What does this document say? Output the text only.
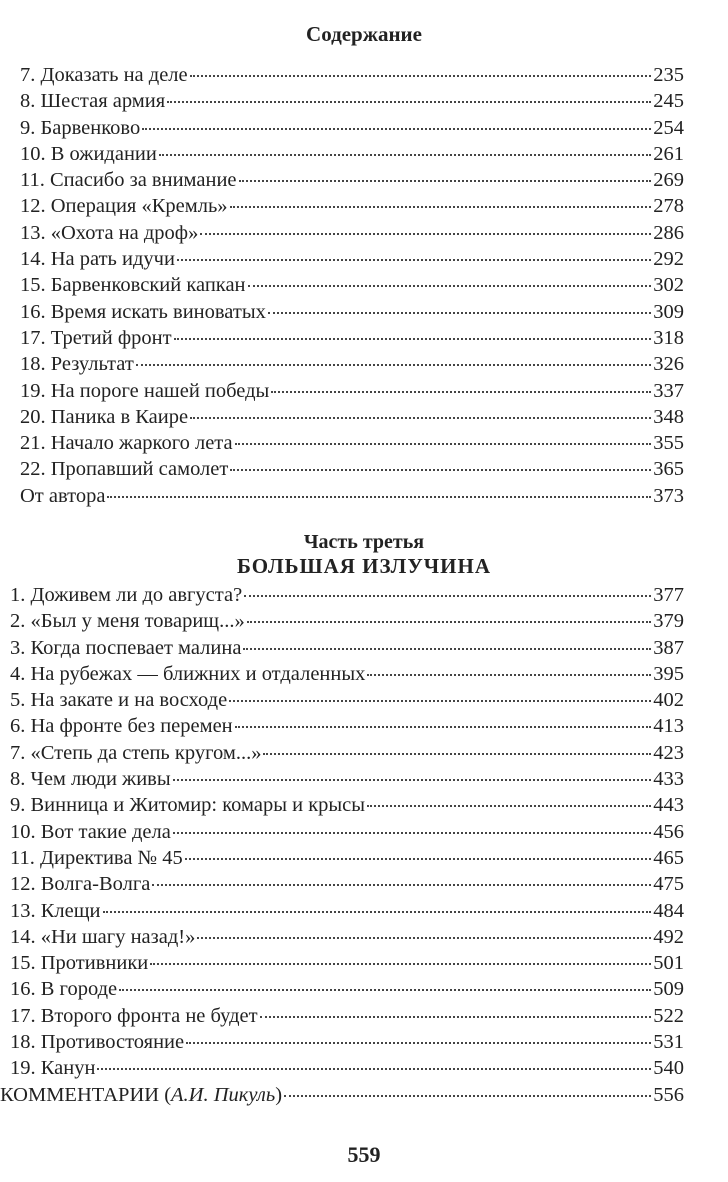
Содержание
7. Доказать на деле	235
8. Шестая армия	245
9. Барвенково	254
10. В ожидании	261
11. Спасибо за внимание	269
12. Операция «Кремль»	278
13. «Охота на дроф»	286
14. На рать идучи	292
15. Барвенковский капкан	302
16. Время искать виноватых	309
17. Третий фронт	318
18. Результат	326
19. На пороге нашей победы	337
20. Паника в Каире	348
21. Начало жаркого лета	355
22. Пропавший самолет	365
От автора	373
Часть третья
БОЛЬШАЯ ИЗЛУЧИНА
1. Доживем ли до августа?	377
2. «Был у меня товарищ...»	379
3. Когда поспевает малина	387
4. На рубежах — ближних и отдаленных	395
5. На закате и на восходе	402
6. На фронте без перемен	413
7. «Степь да степь кругом...»	423
8. Чем люди живы	433
9. Винница и Житомир: комары и крысы	443
10. Вот такие дела	456
11. Директива № 45	465
12. Волга-Волга	475
13. Клещи	484
14. «Ни шагу назад!»	492
15. Противники	501
16. В городе	509
17. Второго фронта не будет	522
18. Противостояние	531
19. Канун	540
КОММЕНТАРИИ (А.И. Пикуль)	556
559
